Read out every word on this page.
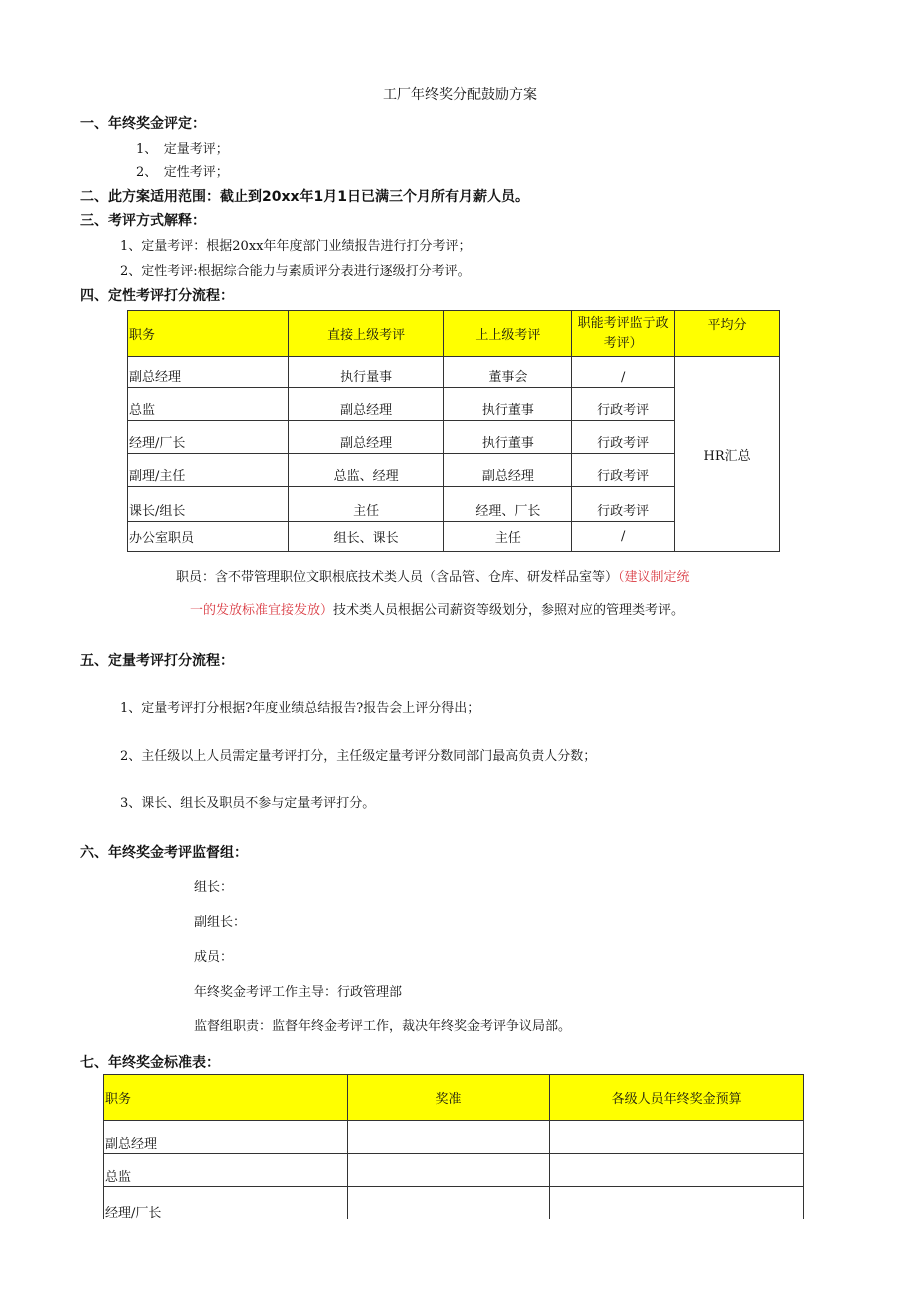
工厂年终奖分配鼓励方案
一、年终奖金评定：
1、　定量考评；
2、　定性考评；
二、此方案适用范围：截止到20xx年1月1日已满三个月所有月薪人员。
三、考评方式解释：
1、定量考评：根据20xx年年度部门业绩报告进行打分考评；
2、定性考评:根据综合能力与素质评分表进行逐级打分考评。
四、定性考评打分流程：
职务	直接上级考评	上上级考评	职能考评监亍政考评）	平均分
副总经理	执行量事	董事会	/	HR汇总
总监	副总经理	执行董事	行政考评	
经理/厂长	副总经理	执行董事	行政考评	
副理/主任	总监、经理	副总经理	行政考评	
课长/组长	主任	经理、厂长	行政考评	
办公室职员	组长、课长	主任	/	
职员：含不带管理职位文职根底技术类人员（含品管、仓库、研发样品室等）（建议制定统
一的发放标准宜接发放）技术类人员根据公司薪资等级划分，参照对应的管理类考评。
五、定量考评打分流程：
1、定量考评打分根据?年度业绩总结报告?报告会上评分得出；
2、主任级以上人员需定量考评打分，主任级定量考评分数同部门最高负责人分数；
3、课长、组长及职员不参与定量考评打分。
六、年终奖金考评监督组：
组长：
副组长：
成员：
年终奖金考评工作主导：行政管理部
监督组职责：监督年终金考评工作，裁决年终奖金考评争议局部。
七、年终奖金标准表：
职务	奖准	各级人员年终奖金预算
副总经理		
总监		
经理/厂长		
